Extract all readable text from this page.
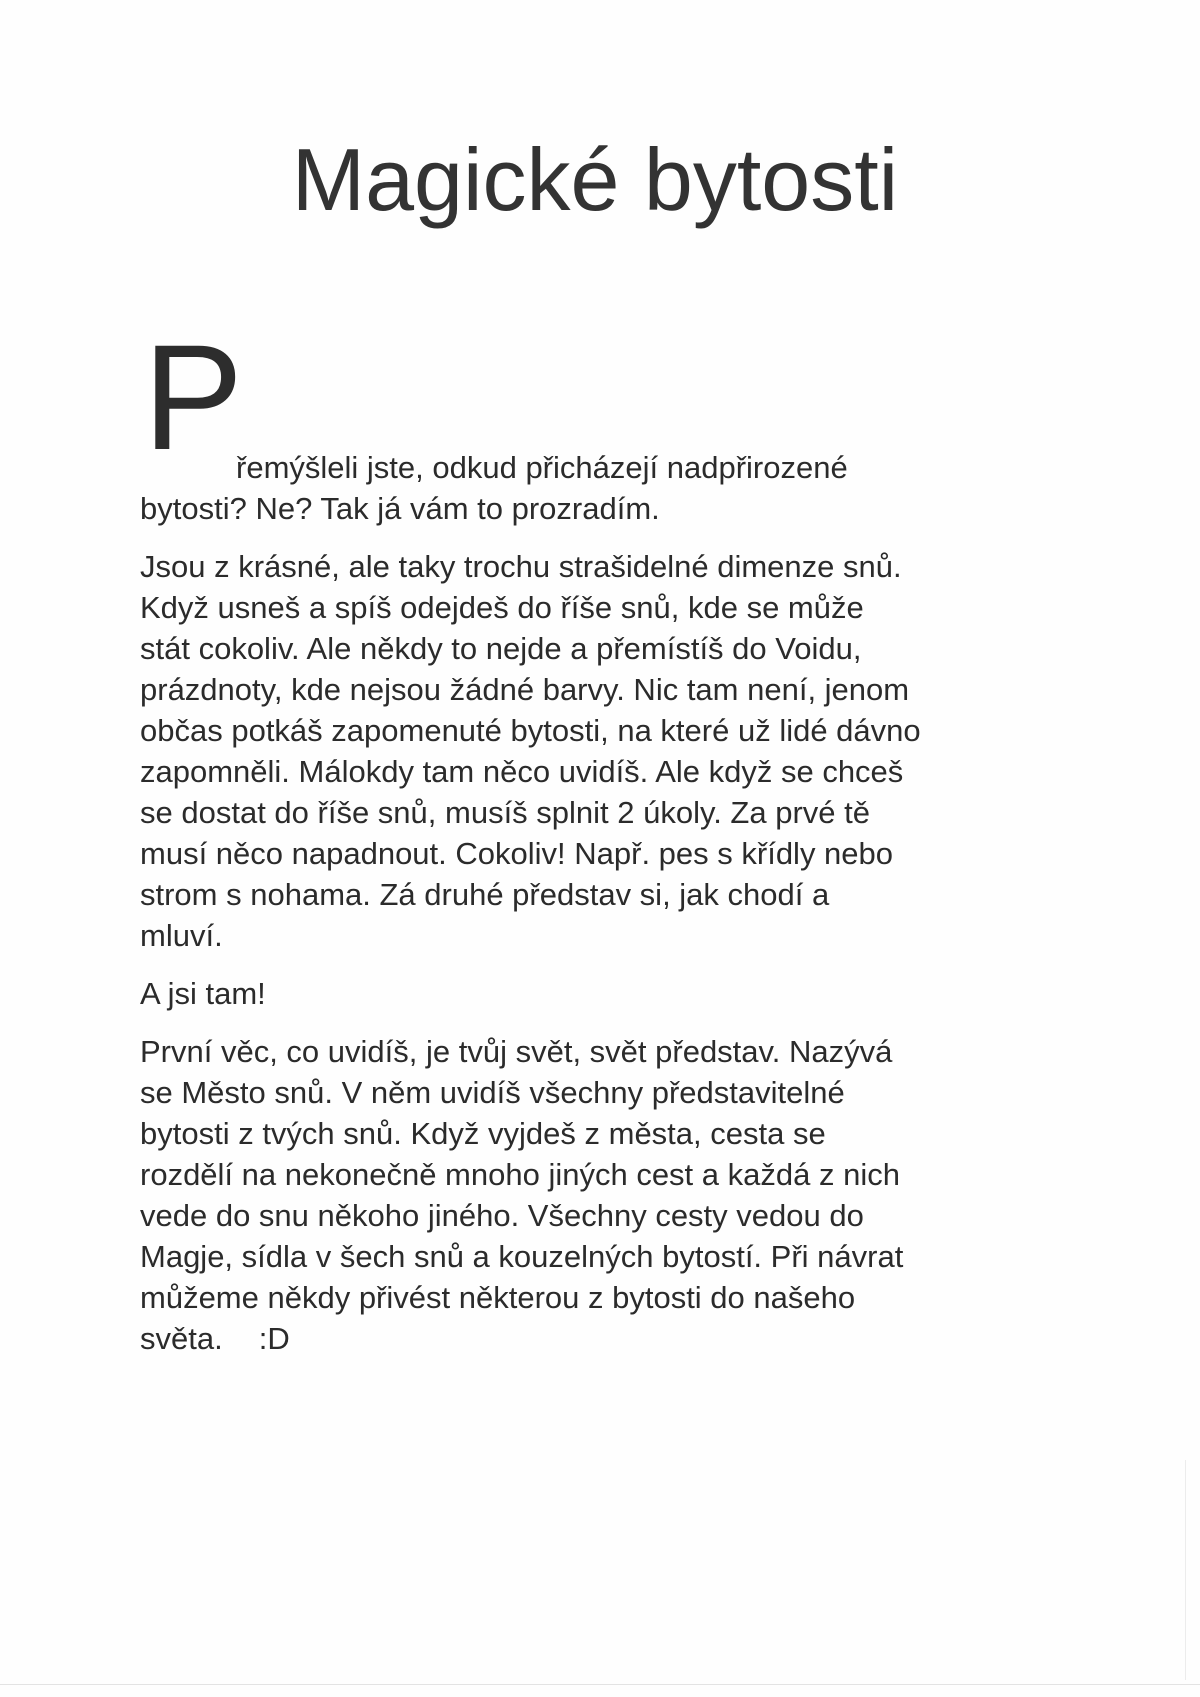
Magické bytosti
P

řemýšleli jste, odkud přicházejí nadpřirozené
bytosti? Ne? Tak já vám to prozradím.

Jsou z krásné, ale taky trochu strašidelné dimenze snů.
Když usneš a spíš odejdeš do říše snů, kde se může
stát cokoliv. Ale někdy to nejde a přemístíš do Voidu,
prázdnoty, kde nejsou žádné barvy. Nic tam není, jenom
občas potkáš zapomenuté bytosti, na které už lidé dávno
zapomněli. Málokdy tam něco uvidíš. Ale když se chceš
se dostat do říše snů, musíš splnit 2 úkoly. Za prvé tě
musí něco napadnout. Cokoliv! Např. pes s křídly nebo
strom s nohama. Zá druhé představ si, jak chodí a
mluví.

A jsi tam!

První věc, co uvidíš, je tvůj svět, svět představ. Nazývá
se Město snů. V něm uvidíš všechny představitelné
bytosti z tvých snů. Když vyjdeš z města, cesta se
rozdělí na nekonečně mnoho jiných cest a každá z nich
vede do snu někoho jiného. Všechny cesty vedou do
Magje, sídla v šech snů a kouzelných bytostí. Při návrat
můžeme někdy přivést některou z bytosti do našeho
světa. :D
